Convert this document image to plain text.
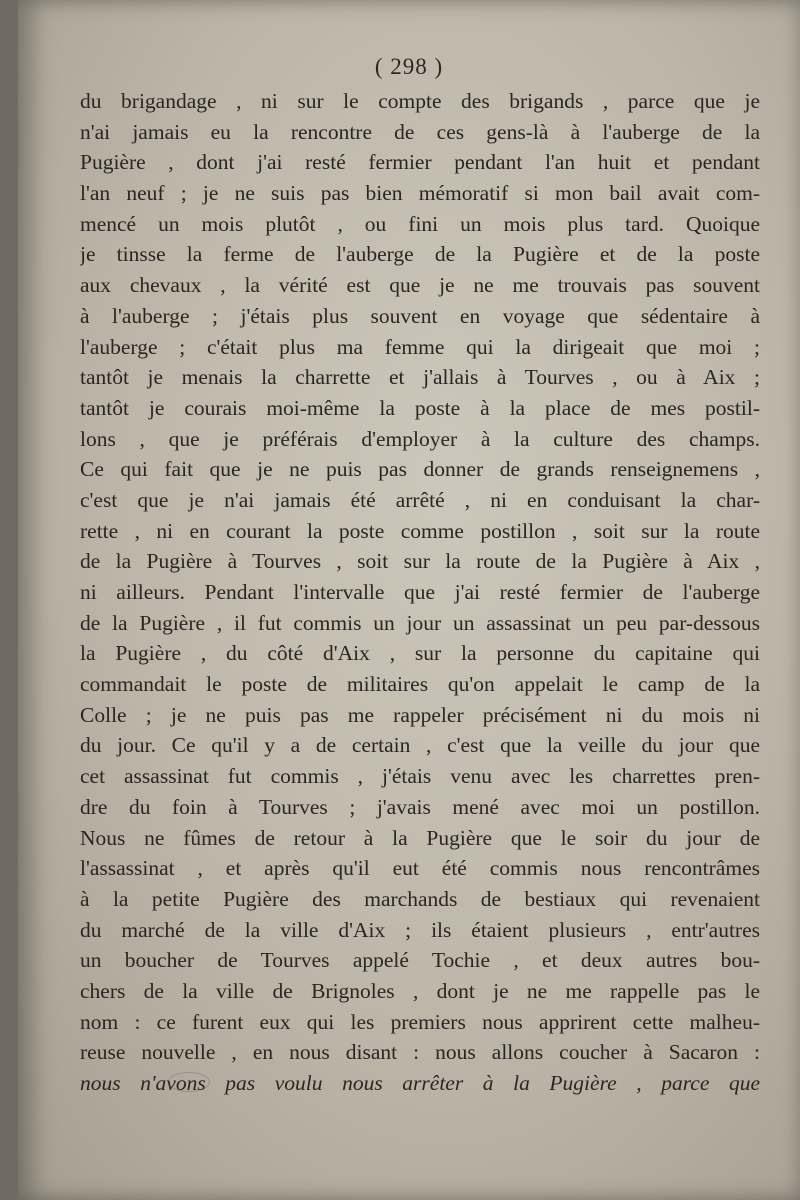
( 298 )
du brigandage , ni sur le compte des brigands , parce que je
n'ai jamais eu la rencontre de ces gens-là à l'auberge de la
Pugière , dont j'ai resté fermier pendant l'an huit et pendant
l'an neuf ; je ne suis pas bien mémoratif si mon bail avait com-
mencé un mois plutôt , ou fini un mois plus tard. Quoique
je tinsse la ferme de l'auberge de la Pugière et de la poste
aux chevaux , la vérité est que je ne me trouvais pas souvent
à l'auberge ; j'étais plus souvent en voyage que sédentaire à
l'auberge ; c'était plus ma femme qui la dirigeait que moi ;
tantôt je menais la charrette et j'allais à Tourves , ou à Aix ;
tantôt je courais moi-même la poste à la place de mes postil-
lons , que je préférais d'employer à la culture des champs.
Ce qui fait que je ne puis pas donner de grands renseignemens ,
c'est que je n'ai jamais été arrêté , ni en conduisant la char-
rette , ni en courant la poste comme postillon , soit sur la route
de la Pugière à Tourves , soit sur la route de la Pugière à Aix ,
ni ailleurs. Pendant l'intervalle que j'ai resté fermier de l'auberge
de la Pugière , il fut commis un jour un assassinat un peu par-dessous
la Pugière , du côté d'Aix , sur la personne du capitaine qui
commandait le poste de militaires qu'on appelait le camp de la
Colle ; je ne puis pas me rappeler précisément ni du mois ni
du jour. Ce qu'il y a de certain , c'est que la veille du jour que
cet assassinat fut commis , j'étais venu avec les charrettes pren-
dre du foin à Tourves ; j'avais mené avec moi un postillon.
Nous ne fûmes de retour à la Pugière que le soir du jour de
l'assassinat , et après qu'il eut été commis nous rencontrâmes
à la petite Pugière des marchands de bestiaux qui revenaient
du marché de la ville d'Aix ; ils étaient plusieurs , entr'autres
un boucher de Tourves appelé Tochie , et deux autres bou-
chers de la ville de Brignoles , dont je ne me rappelle pas le
nom : ce furent eux qui les premiers nous apprirent cette malheu-
reuse nouvelle , en nous disant : nous allons coucher à Sacaron :
nous n'avons pas voulu nous arrêter à la Pugière , parce que
